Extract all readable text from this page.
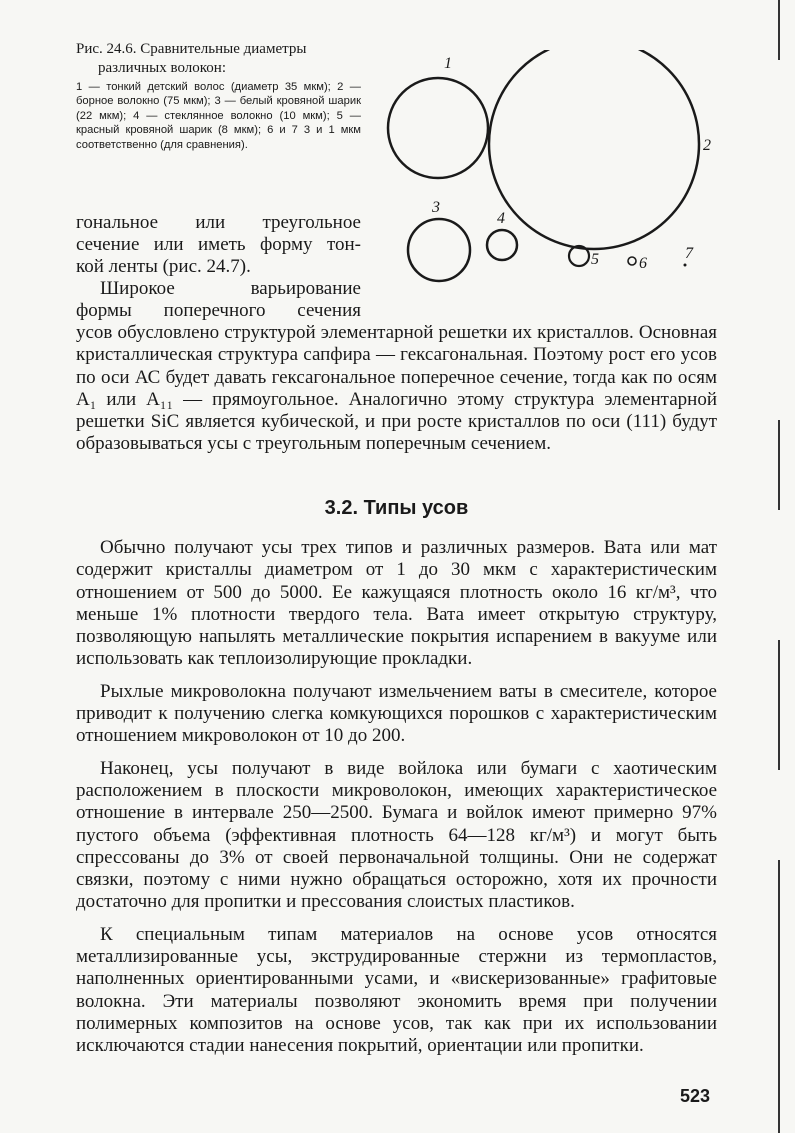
Рис. 24.6. Сравнительные диаметры
различных волокон:
1 — тонкий детский волос (диаметр 35 мкм); 2 — борное волокно (75 мкм); 3 — белый кровяной шарик (22 мкм); 4 — стеклянное волокно (10 мкм); 5 — красный кровяной шарик (8 мкм); 6 и 7 3 и 1 мкм соответственно (для сравнения).
1
2
3
4
5	6
7

гональное или треугольное

сечение или иметь форму тон-

кой ленты (рис. 24.7).

Широкое варьирование

формы поперечного сечения

усов обусловлено структурой элементарной решетки их кристаллов. Основная кристаллическая структура сапфира — гексагональная. Поэтому рост его усов по оси АС будет давать гексагональное поперечное сечение, тогда как по осям A₁ или A₁₁ — прямоугольное. Аналогично этому структура элементарной решетки SiC является кубической, и при росте кристаллов по оси (111) будут образовываться усы с треугольным поперечным сечением.

3.2. Типы усов

Обычно получают усы трех типов и различных размеров. Вата или мат содержит кристаллы диаметром от 1 до 30 мкм с характеристическим отношением от 500 до 5000. Ее кажущаяся плотность около 16 кг/м³, что меньше 1% плотности твердого тела. Вата имеет открытую структуру, позволяющую напылять металлические покрытия испарением в вакууме или использовать как теплоизолирующие прокладки.

Рыхлые микроволокна получают измельчением ваты в смесителе, которое приводит к получению слегка комкующихся порошков с характеристическим отношением микроволокон от 10 до 200.

Наконец, усы получают в виде войлока или бумаги с хаотическим расположением в плоскости микроволокон, имеющих характеристическое отношение в интервале 250—2500. Бумага и войлок имеют примерно 97% пустого объема (эффективная плотность 64—128 кг/м³) и могут быть спрессованы до 3% от своей первоначальной толщины. Они не содержат связки, поэтому с ними нужно обращаться осторожно, хотя их прочности достаточно для пропитки и прессования слоистых пластиков.

К специальным типам материалов на основе усов относятся металлизированные усы, экструдированные стержни из термопластов, наполненных ориентированными усами, и «вискеризованные» графитовые волокна. Эти материалы позволяют экономить время при получении полимерных композитов на основе усов, так как при их использовании исключаются стадии нанесения покрытий, ориентации или пропитки.

523
